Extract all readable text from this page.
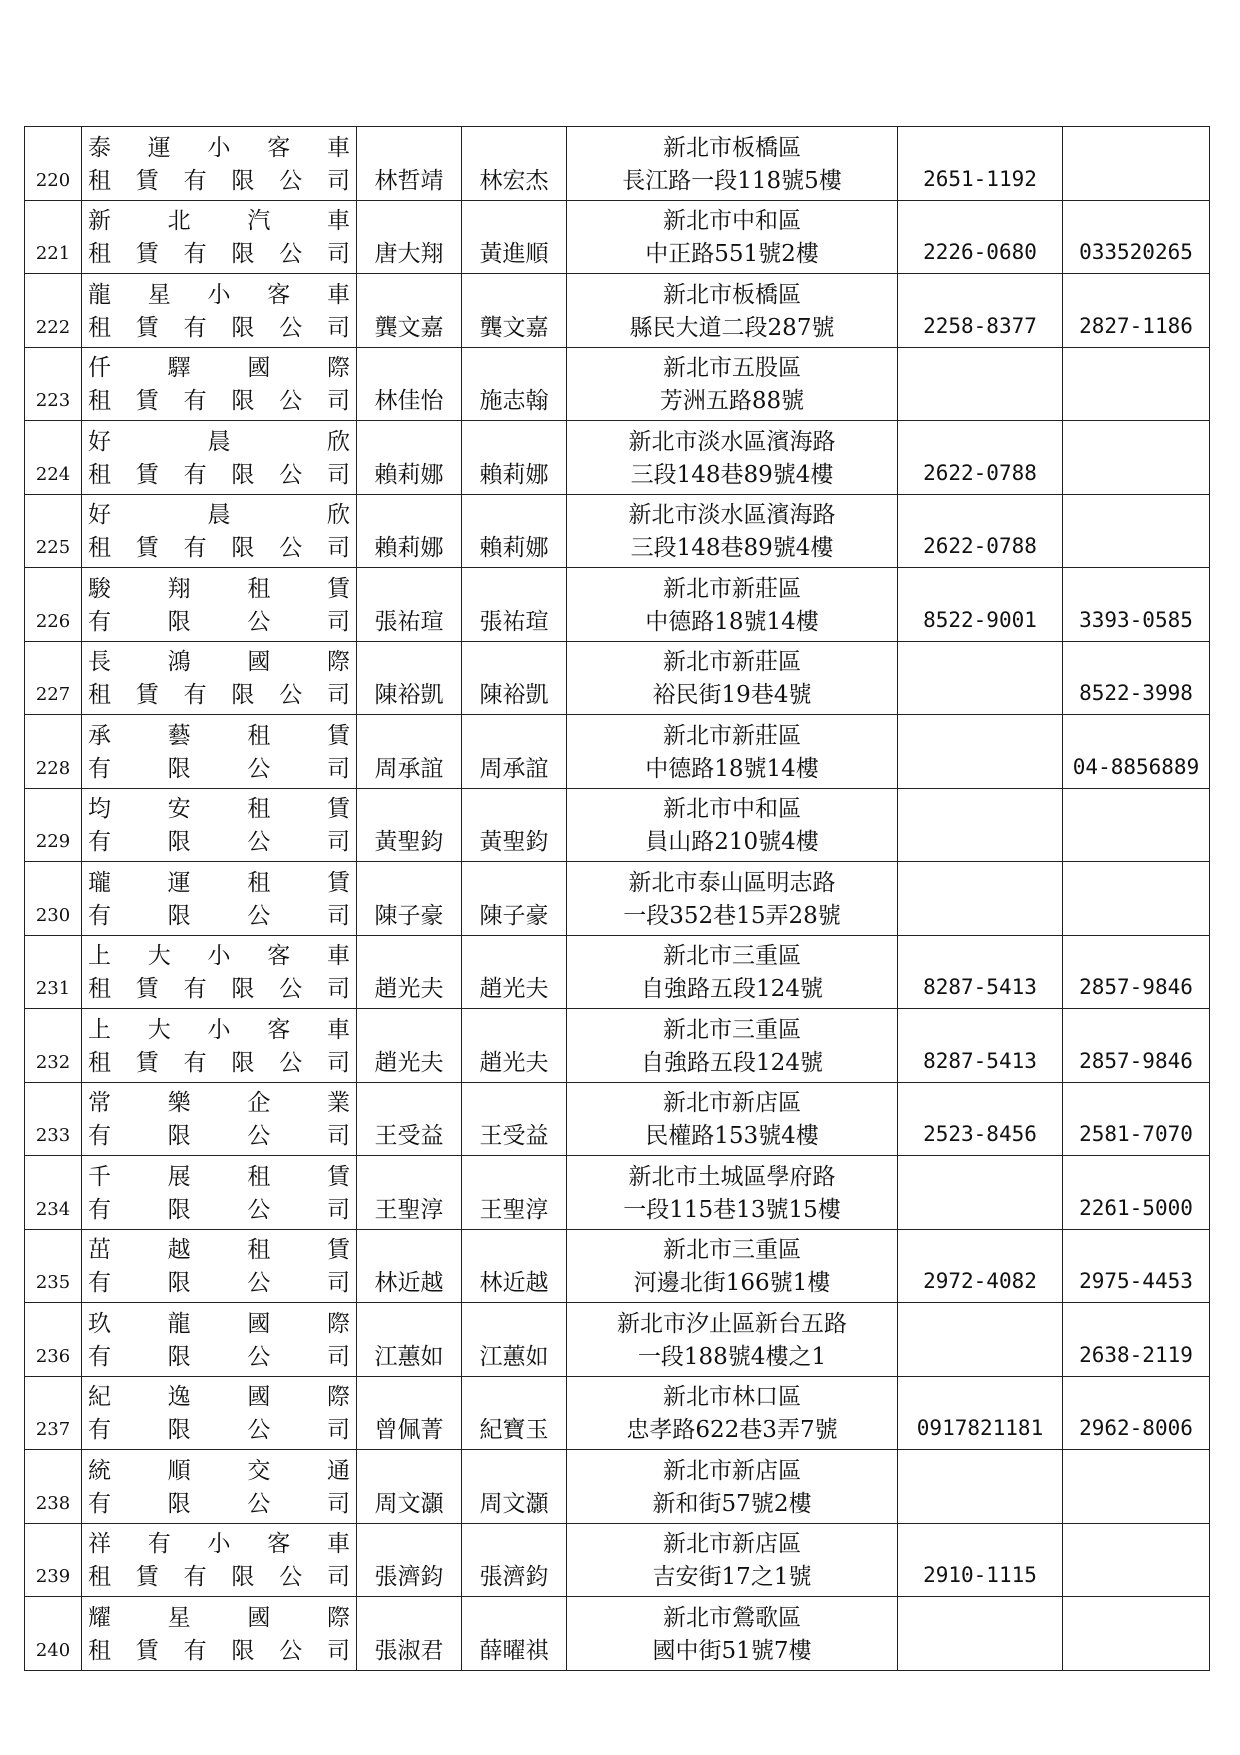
220	泰 運 小 客 車
租 賃 有 限 公 司	林哲靖	林宏杰	新北市板橋區
長江路一段118號5樓	2651-1192	
221	新 北 汽 車
租 賃 有 限 公 司	唐大翔	黃進順	新北市中和區
中正路551號2樓	2226-0680	033520265
222	龍 星 小 客 車
租 賃 有 限 公 司	龔文嘉	龔文嘉	新北市板橋區
縣民大道二段287號	2258-8377	2827-1186
223	仟 驛 國 際
租 賃 有 限 公 司	林佳怡	施志翰	新北市五股區
芳洲五路88號		

224	好 晨 欣
租 賃 有 限 公 司	賴莉娜	賴莉娜	新北市淡水區濱海路
三段148巷89號4樓	2622-0788	
225	好 晨 欣
租 賃 有 限 公 司	賴莉娜	賴莉娜	新北市淡水區濱海路
三段148巷89號4樓	2622-0788	
226	駿 翔 租 賃
有 限 公 司	張祐瑄	張祐瑄	新北市新莊區
中德路18號14樓	8522-9001	3393-0585
227	長 鴻 國 際
租 賃 有 限 公 司	陳裕凱	陳裕凱	新北市新莊區
裕民街19巷4號		8522-3998
228	承 藝 租 賃
有 限 公 司	周承誼	周承誼	新北市新莊區
中德路18號14樓		04-8856889
229	均 安 租 賃
有 限 公 司	黃聖鈞	黃聖鈞	新北市中和區
員山路210號4樓		

230	瓏 運 租 賃
有 限 公 司	陳子豪	陳子豪	新北市泰山區明志路
一段352巷15弄28號		

231	上 大 小 客 車
租 賃 有 限 公 司	趙光夫	趙光夫	新北市三重區
自強路五段124號	8287-5413	2857-9846
232	上 大 小 客 車
租 賃 有 限 公 司	趙光夫	趙光夫	新北市三重區
自強路五段124號	8287-5413	2857-9846
233	常 樂 企 業
有 限 公 司	王受益	王受益	新北市新店區
民權路153號4樓	2523-8456	2581-7070
234	千 展 租 賃
有 限 公 司	王聖淳	王聖淳	新北市土城區學府路
一段115巷13號15樓		2261-5000
235	茁 越 租 賃
有 限 公 司	林近越	林近越	新北市三重區
河邊北街166號1樓	2972-4082	2975-4453
236	玖 龍 國 際
有 限 公 司	江蕙如	江蕙如	新北市汐止區新台五路
一段188號4樓之1		2638-2119
237	紀 逸 國 際
有 限 公 司	曾佩菁	紀寶玉	新北市林口區
忠孝路622巷3弄7號	0917821181	2962-8006
238	統 順 交 通
有 限 公 司	周文灝	周文灝	新北市新店區
新和街57號2樓		

239	祥 有 小 客 車
租 賃 有 限 公 司	張濟鈞	張濟鈞	新北市新店區
吉安街17之1號	2910-1115	
240	耀 星 國 際
租 賃 有 限 公 司	張淑君	薛曜祺	新北市鶯歌區
國中街51號7樓		
